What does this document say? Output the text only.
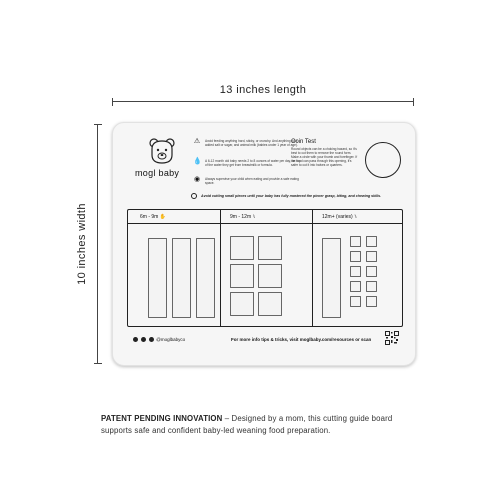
13 inches length
10 inches width
mogl baby
⚠ Avoid feeding anything hard, sticky, or crunchy. And anything with added salt or sugar, and animal milk (babies under 1 year of age).
💧 A 6-12 month old baby needs 2 to 8 ounces of water per day, on top of the water they get from breastmilk or formula.
◉ Always supervise your child when eating and provide a safe eating space.
Coin Test
Round objects can be a choking hazard, so it's best to cut them to remove the round form. Make a circle with your thumb and forefinger. If the food can pass through this opening, it's safer to cut it into halves or quarters.
Avoid cutting small pieces until your baby has fully mastered the pincer grasp, biting, and chewing skills.
6m - 9m ✋	9m - 12m ⑊	12m+ (varies) ⑊
@moglbabyco	For more info tips & tricks, visit moglbaby.com/resources or scan
PATENT PENDING INNOVATION – Designed by a mom, this cutting guide board supports safe and confident baby-led weaning food preparation.
